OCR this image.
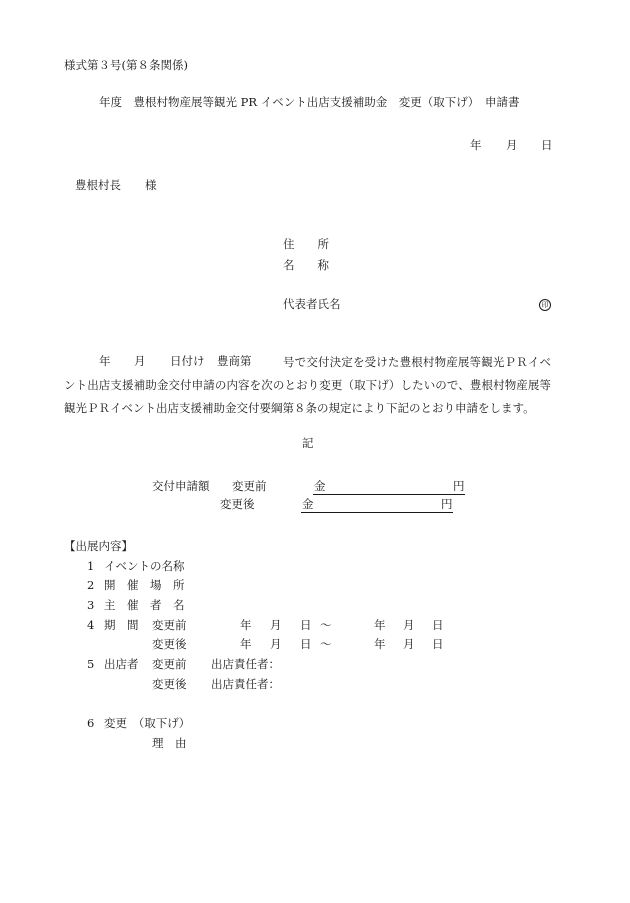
様式第３号(第８条関係)
年度　豊根村物産展等観光 PR イベント出店支援補助金　変更（取下げ）　申請書
年 月 日
豊根村長 様
住　　所
名　　称
代表者氏名	印
年 月 日付け 豊商第	号で交付決定を受けた豊根村物産展等観光ＰＲイベント出店支援補助金交付申請の内容を次のとおり変更（取下げ）したいので、豊根村物産展等観光ＰＲイベント出店支援補助金交付要綱第８条の規定により下記のとおり申請をします。
記
交付申請額 変更前	金	円
変更後	金	円
【出展内容】
1 イベントの名称
2 開　催　場　所
3 主　催　者　名
4 期　間 変更前	年 月 日 ～	年 月 日
変更後	年 月 日 ～	年 月 日
5 出店者 変更前 出店責任者：
変更後 出店責任者：
6 変更　（取下げ）
理　由
